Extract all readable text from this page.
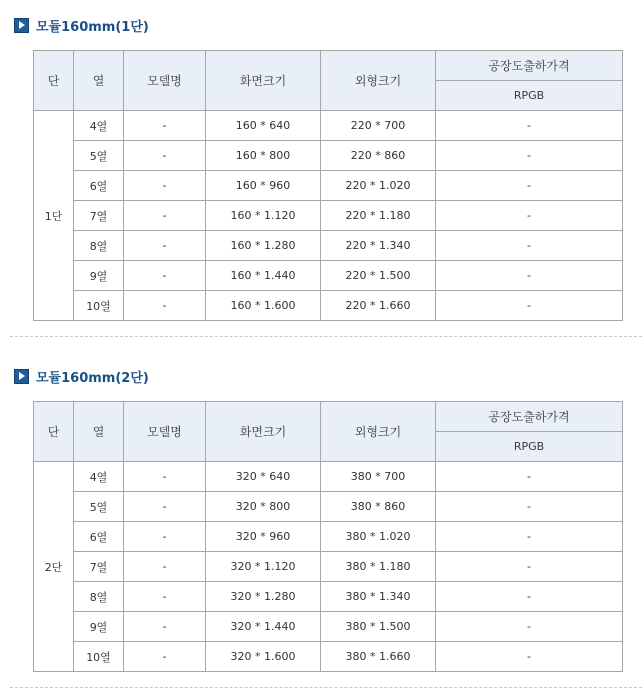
모듈160mm(1단)
단	열	모델명	화면크기	외형크기	공장도출하가격
					RPGB
1단	4열	-	160 * 640	220 * 700	-
	5열	-	160 * 800	220 * 860	-
	6열	-	160 * 960	220 * 1.020	-
	7열	-	160 * 1.120	220 * 1.180	-
	8열	-	160 * 1.280	220 * 1.340	-
	9열	-	160 * 1.440	220 * 1.500	-
	10열	-	160 * 1.600	220 * 1.660	-
모듈160mm(2단)
단	열	모델명	화면크기	외형크기	공장도출하가격
					RPGB
2단	4열	-	320 * 640	380 * 700	-
	5열	-	320 * 800	380 * 860	-
	6열	-	320 * 960	380 * 1.020	-
	7열	-	320 * 1.120	380 * 1.180	-
	8열	-	320 * 1.280	380 * 1.340	-
	9열	-	320 * 1.440	380 * 1.500	-
	10열	-	320 * 1.600	380 * 1.660	-
